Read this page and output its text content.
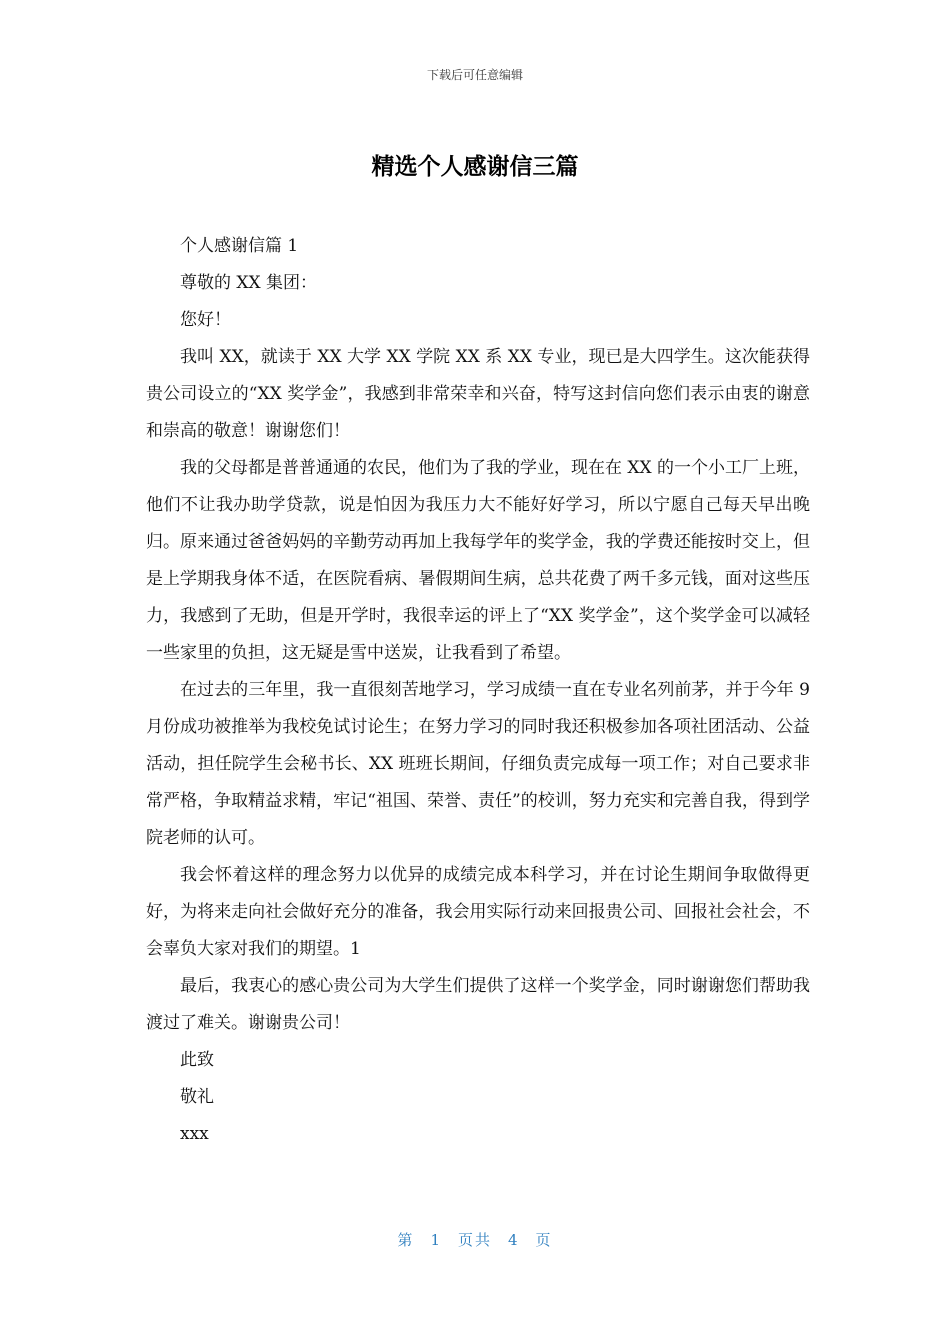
下载后可任意编辑
精选个人感谢信三篇

个人感谢信篇 1

尊敬的 XX 集团：

您好！

我叫 XX，就读于 XX 大学 XX 学院 XX 系 XX 专业，现已是大四学生。这次能获得贵公司设立的“XX 奖学金”，我感到非常荣幸和兴奋，特写这封信向您们表示由衷的谢意和崇高的敬意！谢谢您们！

我的父母都是普普通通的农民，他们为了我的学业，现在在 XX 的一个小工厂上班，他们不让我办助学贷款，说是怕因为我压力大不能好好学习，所以宁愿自己每天早出晚归。原来通过爸爸妈妈的辛勤劳动再加上我每学年的奖学金，我的学费还能按时交上，但是上学期我身体不适，在医院看病、暑假期间生病，总共花费了两千多元钱，面对这些压力，我感到了无助，但是开学时，我很幸运的评上了“XX 奖学金”，这个奖学金可以减轻一些家里的负担，这无疑是雪中送炭，让我看到了希望。

在过去的三年里，我一直很刻苦地学习，学习成绩一直在专业名列前茅，并于今年 9 月份成功被推举为我校免试讨论生；在努力学习的同时我还积极参加各项社团活动、公益活动，担任院学生会秘书长、XX 班班长期间，仔细负责完成每一项工作；对自己要求非常严格，争取精益求精，牢记“祖国、荣誉、责任”的校训，努力充实和完善自我，得到学院老师的认可。

我会怀着这样的理念努力以优异的成绩完成本科学习，并在讨论生期间争取做得更好，为将来走向社会做好充分的准备，我会用实际行动来回报贵公司、回报社会社会，不会辜负大家对我们的期望。1

最后，我衷心的感心贵公司为大学生们提供了这样一个奖学金，同时谢谢您们帮助我渡过了难关。谢谢贵公司！

此致

敬礼

xxx

第 1 页共 4 页
